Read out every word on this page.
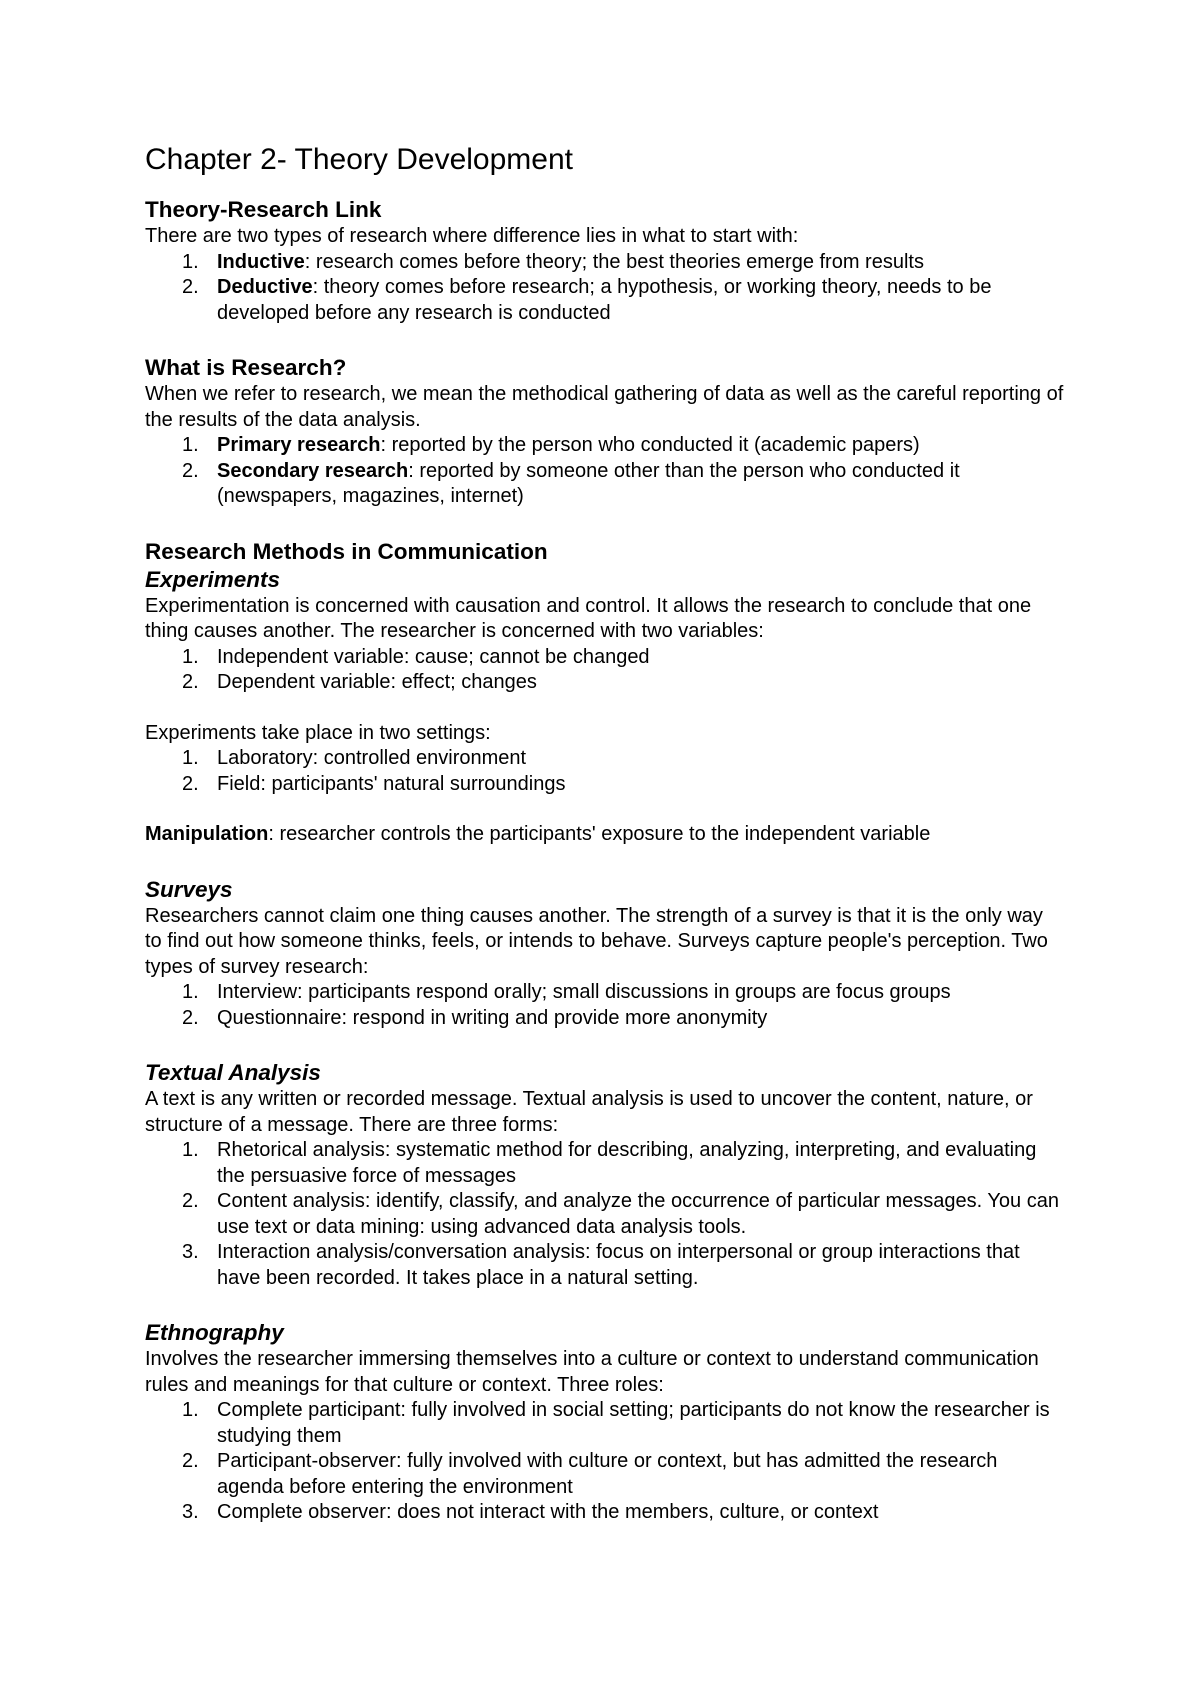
Chapter 2- Theory Development
Theory-Research Link

There are two types of research where difference lies in what to start with:

1. Inductive: research comes before theory; the best theories emerge from results
2. Deductive: theory comes before research; a hypothesis, or working theory, needs to be developed before any research is conducted
What is Research?

When we refer to research, we mean the methodical gathering of data as well as the careful reporting of the results of the data analysis.

1. Primary research: reported by the person who conducted it (academic papers)
2. Secondary research: reported by someone other than the person who conducted it (newspapers, magazines, internet)
Research Methods in Communication
Experiments

Experimentation is concerned with causation and control. It allows the research to conclude that one thing causes another. The researcher is concerned with two variables:

1. Independent variable: cause; cannot be changed
2. Dependent variable: effect; changes

Experiments take place in two settings:

1. Laboratory: controlled environment
2. Field: participants' natural surroundings

Manipulation: researcher controls the participants' exposure to the independent variable

Surveys

Researchers cannot claim one thing causes another. The strength of a survey is that it is the only way to find out how someone thinks, feels, or intends to behave. Surveys capture people's perception. Two types of survey research:

1. Interview: participants respond orally; small discussions in groups are focus groups
2. Questionnaire: respond in writing and provide more anonymity
Textual Analysis

A text is any written or recorded message. Textual analysis is used to uncover the content, nature, or structure of a message. There are three forms:

1. Rhetorical analysis: systematic method for describing, analyzing, interpreting, and evaluating the persuasive force of messages
2. Content analysis: identify, classify, and analyze the occurrence of particular messages. You can use text or data mining: using advanced data analysis tools.
3. Interaction analysis/conversation analysis: focus on interpersonal or group interactions that have been recorded. It takes place in a natural setting.
Ethnography

Involves the researcher immersing themselves into a culture or context to understand communication rules and meanings for that culture or context. Three roles:

1. Complete participant: fully involved in social setting; participants do not know the researcher is studying them
2. Participant-observer: fully involved with culture or context, but has admitted the research agenda before entering the environment
3. Complete observer: does not interact with the members, culture, or context
